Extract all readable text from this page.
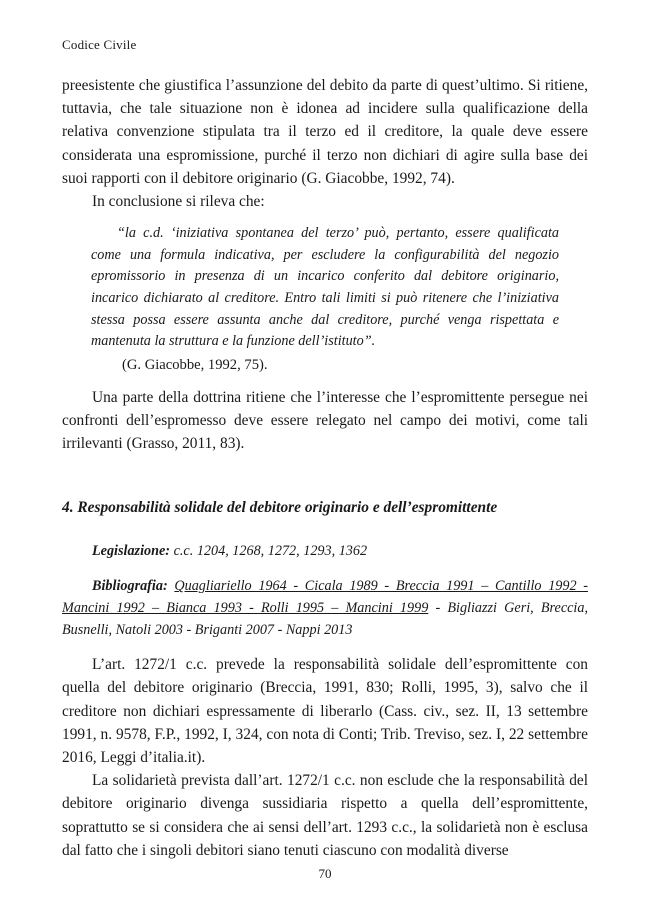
Codice Civile

preesistente che giustifica l’assunzione del debito da parte di quest’ultimo. Si ritiene, tuttavia, che tale situazione non è idonea ad incidere sulla qualificazione della relativa convenzione stipulata tra il terzo ed il creditore, la quale deve essere considerata una espromissione, purché il terzo non dichiari di agire sulla base dei suoi rapporti con il debitore originario (G. Giacobbe, 1992, 74).

In conclusione si rileva che:

“la c.d. ‘iniziativa spontanea del terzo’ può, pertanto, essere qualificata come una formula indicativa, per escludere la configurabilità del negozio epromissorio in presenza di un incarico conferito dal debitore originario, incarico dichiarato al creditore. Entro tali limiti si può ritenere che l’iniziativa stessa possa essere assunta anche dal creditore, purché venga rispettata e mantenuta la struttura e la funzione dell’istituto”.

(G. Giacobbe, 1992, 75).

Una parte della dottrina ritiene che l’interesse che l’espromittente persegue nei confronti dell’espromesso deve essere relegato nel campo dei motivi, come tali irrilevanti (Grasso, 2011, 83).

4. Responsabilità solidale del debitore originario e dell’espromittente

Legislazione: c.c. 1204, 1268, 1272, 1293, 1362

Bibliografia: Quagliariello 1964 - Cicala 1989 - Breccia 1991 – Cantillo 1992 - Mancini 1992 – Bianca 1993 - Rolli 1995 – Mancini 1999 - Bigliazzi Geri, Breccia, Busnelli, Natoli 2003 - Briganti 2007 - Nappi 2013

L’art. 1272/1 c.c. prevede la responsabilità solidale dell’espromittente con quella del debitore originario (Breccia, 1991, 830; Rolli, 1995, 3), salvo che il creditore non dichiari espressamente di liberarlo (Cass. civ., sez. II, 13 settembre 1991, n. 9578, F.P., 1992, I, 324, con nota di Conti; Trib. Treviso, sez. I, 22 settembre 2016, Leggi d’italia.it).

La solidarietà prevista dall’art. 1272/1 c.c. non esclude che la responsabilità del debitore originario divenga sussidiaria rispetto a quella dell’espromittente, soprattutto se si considera che ai sensi dell’art. 1293 c.c., la solidarietà non è esclusa dal fatto che i singoli debitori siano tenuti ciascuno con modalità diverse

70
